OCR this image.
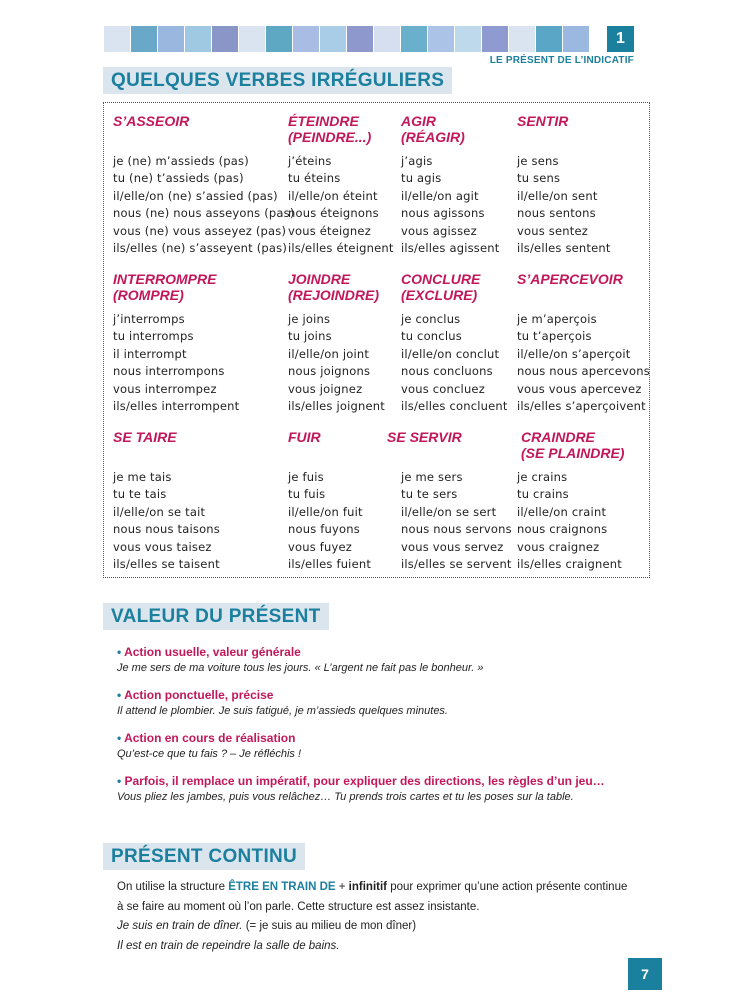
1
LE PRÉSENT DE L’INDICATIF
QUELQUES VERBES IRRÉGULIERS
S’ASSEOIR
je (ne) m’assieds (pas)
tu (ne) t’assieds (pas)
il/elle/on (ne) s’assied (pas)
nous (ne) nous asseyons (pas)
vous (ne) vous asseyez (pas)
ils/elles (ne) s’asseyent (pas)
ÉTEINDRE
(PEINDRE...)
j’éteins
tu éteins
il/elle/on éteint
nous éteignons
vous éteignez
ils/elles éteignent
AGIR
(RÉAGIR)
j’agis
tu agis
il/elle/on agit
nous agissons
vous agissez
ils/elles agissent
SENTIR
je sens
tu sens
il/elle/on sent
nous sentons
vous sentez
ils/elles sentent
INTERROMPRE
(ROMPRE)
j’interromps
tu interromps
il interrompt
nous interrompons
vous interrompez
ils/elles interrompent
JOINDRE
(REJOINDRE)
je joins
tu joins
il/elle/on joint
nous joignons
vous joignez
ils/elles joignent
CONCLURE
(EXCLURE)
je conclus
tu conclus
il/elle/on conclut
nous concluons
vous concluez
ils/elles concluent
S’APERCEVOIR
je m’aperçois
tu t’aperçois
il/elle/on s’aperçoit
nous nous apercevons
vous vous apercevez
ils/elles s’aperçoivent
SE TAIRE
je me tais
tu te tais
il/elle/on se tait
nous nous taisons
vous vous taisez
ils/elles se taisent
FUIR
je fuis
tu fuis
il/elle/on fuit
nous fuyons
vous fuyez
ils/elles fuient
SE SERVIR
je me sers
tu te sers
il/elle/on se sert
nous nous servons
vous vous servez
ils/elles se servent
CRAINDRE
(SE PLAINDRE)
je crains
tu crains
il/elle/on craint
nous craignons
vous craignez
ils/elles craignent
VALEUR DU PRÉSENT

• Action usuelle, valeur générale

Je me sers de ma voiture tous les jours. « L’argent ne fait pas le bonheur. »

• Action ponctuelle, précise

Il attend le plombier. Je suis fatigué, je m’assieds quelques minutes.

• Action en cours de réalisation

Qu’est-ce que tu fais ? – Je réfléchis !

• Parfois, il remplace un impératif, pour expliquer des directions, les règles d’un jeu…

Vous pliez les jambes, puis vous relâchez… Tu prends trois cartes et tu les poses sur la table.

PRÉSENT CONTINU

On utilise la structure ÊTRE EN TRAIN DE + infinitif pour exprimer qu’une action présente continue

à se faire au moment où l’on parle. Cette structure est assez insistante.

Je suis en train de dîner. (= je suis au milieu de mon dîner)

Il est en train de repeindre la salle de bains.

7
